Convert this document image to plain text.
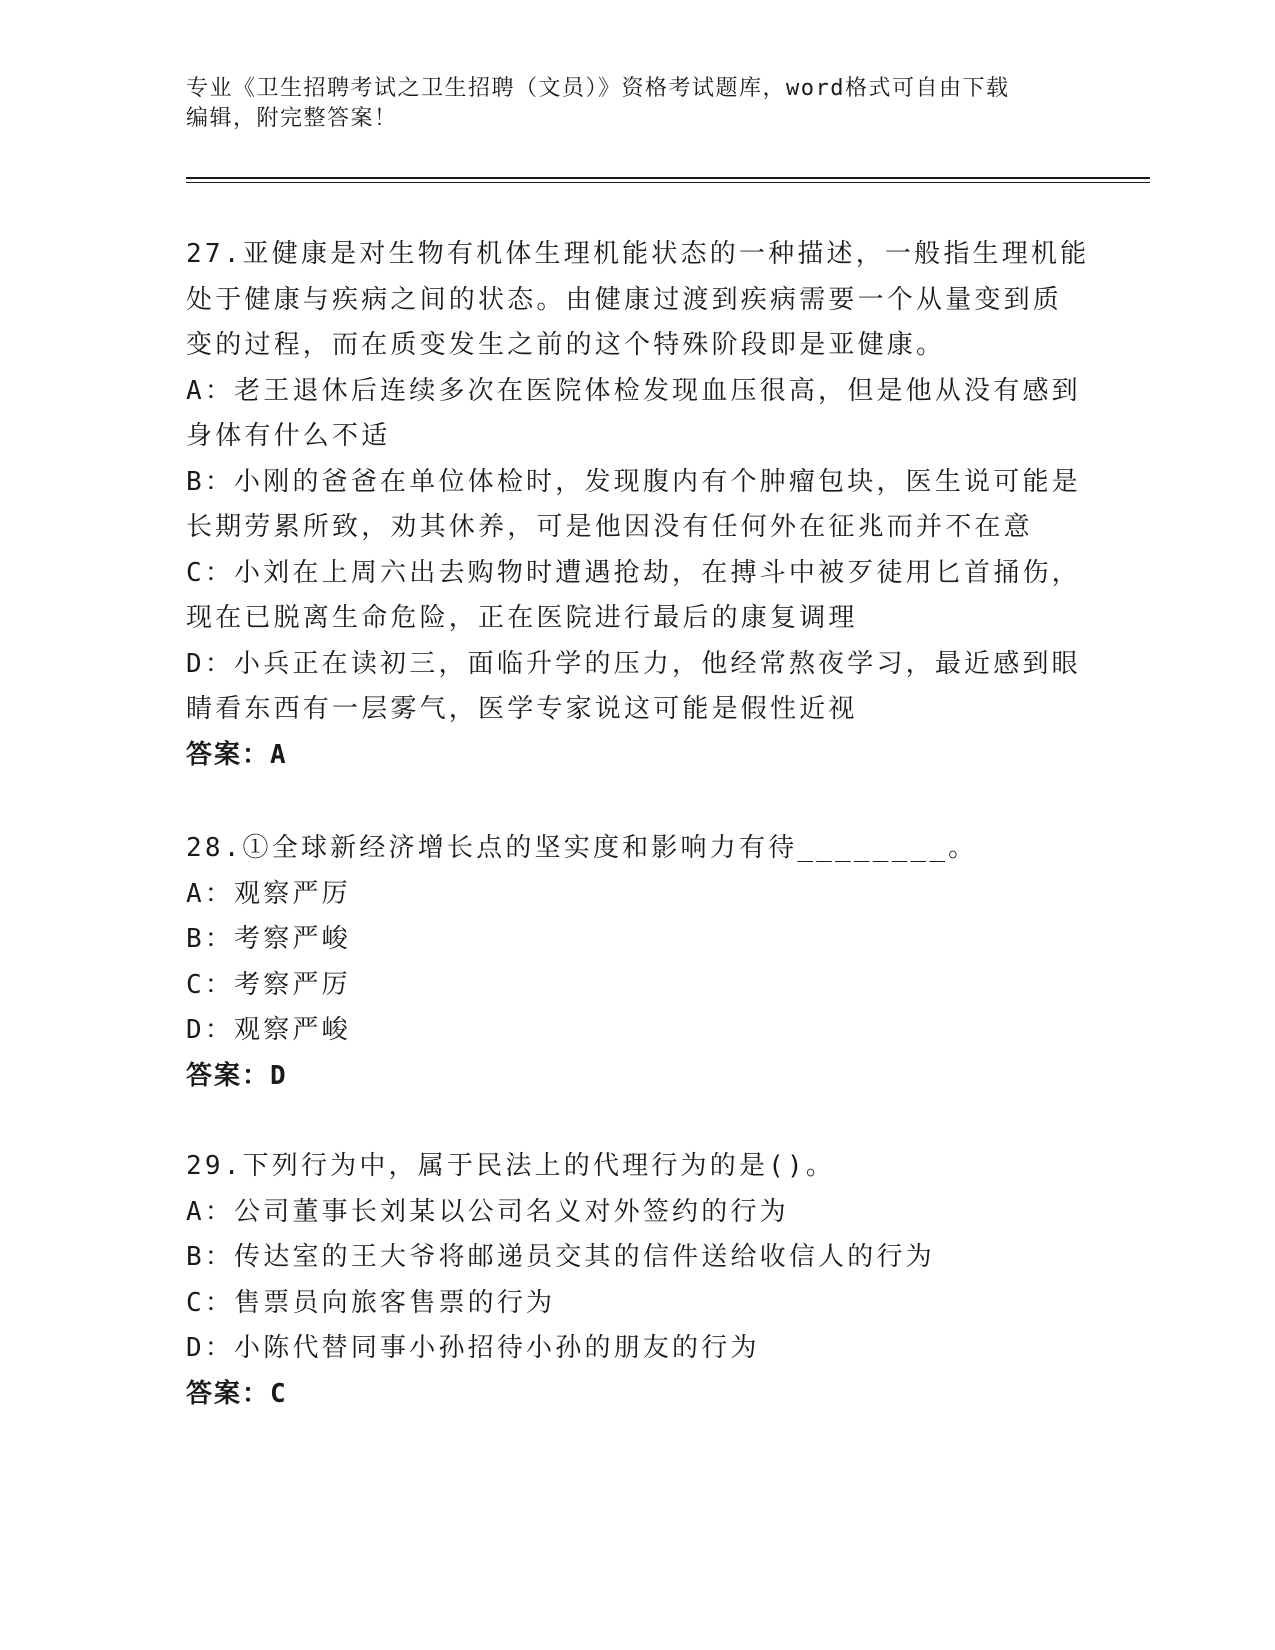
专业《卫生招聘考试之卫生招聘（文员）》资格考试题库，word格式可自由下载
编辑，附完整答案！
27.亚健康是对生物有机体生理机能状态的一种描述，一般指生理机能
处于健康与疾病之间的状态。由健康过渡到疾病需要一个从量变到质
变的过程，而在质变发生之前的这个特殊阶段即是亚健康。
A：老王退休后连续多次在医院体检发现血压很高，但是他从没有感到
身体有什么不适
B：小刚的爸爸在单位体检时，发现腹内有个肿瘤包块，医生说可能是
长期劳累所致，劝其休养，可是他因没有任何外在征兆而并不在意
C：小刘在上周六出去购物时遭遇抢劫，在搏斗中被歹徒用匕首捅伤，
现在已脱离生命危险，正在医院进行最后的康复调理
D：小兵正在读初三，面临升学的压力，他经常熬夜学习，最近感到眼
睛看东西有一层雾气，医学专家说这可能是假性近视
答案：A
28.①全球新经济增长点的坚实度和影响力有待________。
A：观察严厉
B：考察严峻
C：考察严厉
D：观察严峻
答案：D
29.下列行为中，属于民法上的代理行为的是()。
A：公司董事长刘某以公司名义对外签约的行为
B：传达室的王大爷将邮递员交其的信件送给收信人的行为
C：售票员向旅客售票的行为
D：小陈代替同事小孙招待小孙的朋友的行为
答案：C
